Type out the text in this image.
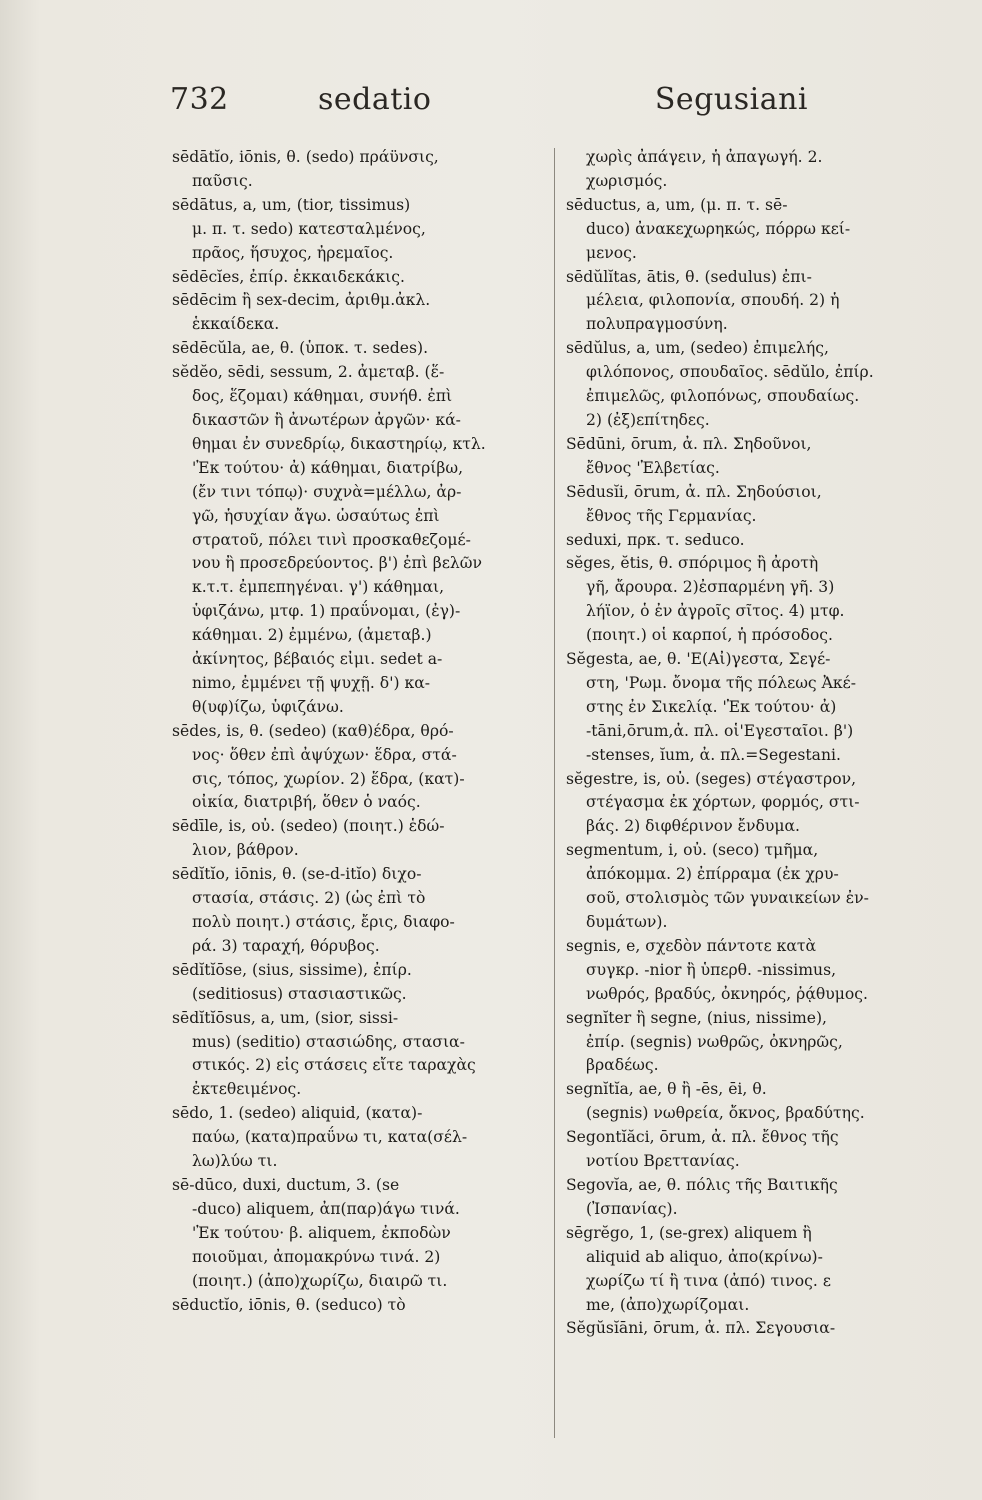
732	sedatio	Segusiani
sēdātĭo, iōnis, θ. (sedo) πράϋνσις,
παῦσις.
sēdātus, a, um, (tior, tissimus)
μ. π. τ. sedo) κατεσταλμένος,
πρᾶος, ἥσυχος, ἠρεμαῖος.
sēdēcĭes, ἐπίρ. ἑκκαιδεκάκις.
sēdēcim ἢ sex-decim, ἀριθμ.ἀκλ.
ἑκκαίδεκα.
sēdēcŭla, ae, θ. (ὑποκ. τ. sedes).
sĕdĕo, sēdi, sessum, 2. ἀμεταβ. (ἕ-
δος, ἕζομαι) κάθημαι, συνήθ. ἐπὶ
δικαστῶν ἢ ἀνωτέρων ἀργῶν· κά-
θημαι ἐν συνεδρίῳ, δικαστηρίῳ, κτλ.
'Ἐκ τούτου· ἀ) κάθημαι, διατρίβω,
(ἔν τινι τόπῳ)· συχνὰ=μέλλω, ἀρ-
γῶ, ἡσυχίαν ἄγω. ὡσαύτως ἐπὶ
στρατοῦ, πόλει τινὶ προσκαθεζομέ-
νου ἢ προσεδρεύοντος. β') ἐπὶ βελῶν
κ.τ.τ. ἐμπεπηγέναι. γ') κάθημαι,
ὑφιζάνω, μτφ. 1) πραΰνομαι, (ἐγ)-
κάθημαι. 2) ἐμμένω, (ἀμεταβ.)
ἀκίνητος, βέβαιός εἰμι. sedet a-
nimo, ἐμμένει τῇ ψυχῇ. δ') κα-
θ(υφ)ίζω, ὑφιζάνω.
sēdes, is, θ. (sedeo) (καθ)έδρα, θρό-
νος· ὅθεν ἐπὶ ἀψύχων· ἕδρα, στά-
σις, τόπος, χωρίον. 2) ἕδρα, (κατ)-
οἰκία, διατριβή, ὅθεν ὁ ναός.
sēdīle, is, οὐ. (sedeo) (ποιητ.) ἑδώ-
λιον, βάθρον.
sēdĭtĭo, iōnis, θ. (se-d-itĭo) διχο-
στασία, στάσις. 2) (ὡς ἐπὶ τὸ
πολὺ ποιητ.) στάσις, ἔρις, διαφο-
ρά. 3) ταραχή, θόρυβος.
sēdĭtĭōse, (sius, sissime), ἐπίρ.
(seditiosus) στασιαστικῶς.
sēdĭtĭōsus, a, um, (sior, sissi-
mus) (seditio) στασιώδης, στασια-
στικός. 2) εἰς στάσεις εἴτε ταραχὰς
ἐκτεθειμένος.
sēdo, 1. (sedeo) aliquid, (κατα)-
παύω, (κατα)πραΰνω τι, κατα(σέλ-
λω)λύω τι.
sē-dūco, duxi, ductum, 3. (se
-duco) aliquem, ἀπ(παρ)άγω τινά.
'Ἐκ τούτου· β. aliquem, ἐκποδὼν
ποιοῦμαι, ἀπομακρύνω τινά. 2)
(ποιητ.) (ἀπο)χωρίζω, διαιρῶ τι.
sēductĭo, iōnis, θ. (seduco) τὸ
χωρὶς ἀπάγειν, ἡ ἀπαγωγή. 2.
χωρισμός.
sēductus, a, um, (μ. π. τ. sē-
duco) ἀνακεχωρηκώς, πόρρω κεί-
μενος.
sēdŭlĭtas, ātis, θ. (sedulus) ἐπι-
μέλεια, φιλοπονία, σπουδή. 2) ἡ
πολυπραγμοσύνη.
sēdŭlus, a, um, (sedeo) ἐπιμελής,
φιλόπονος, σπουδαῖος. sēdŭlo, ἐπίρ.
ἐπιμελῶς, φιλοπόνως, σπουδαίως.
2) (ἐξ)επίτηδες.
Sēdūni, ōrum, ἀ. πλ. Σηδοῦνοι,
ἔθνος 'Ἐλβετίας.
Sēdusĭi, ōrum, ἀ. πλ. Σηδούσιοι,
ἔθνος τῆς Γερμανίας.
seduxi, πρκ. τ. seduco.
sĕges, ĕtis, θ. σπόριμος ἢ ἀροτὴ
γῆ, ἄρουρα. 2)ἐσπαρμένη γῆ. 3)
λήϊον, ὁ ἐν ἀγροῖς σῖτος. 4) μτφ.
(ποιητ.) οἱ καρποί, ἡ πρόσοδος.
Sĕgesta, ae, θ. 'Ε(Αἰ)γεστα, Σεγέ-
στη, 'Ρωμ. ὄνομα τῆς πόλεως Ἀκέ-
στης ἐν Σικελίᾳ. 'Ἐκ τούτου· ἀ)
-tāni,ōrum,ἀ. πλ. οἱ'Εγεσταῖοι. β')
-stenses, ĭum, ἀ. πλ.=Segestani.
sĕgestre, is, οὐ. (seges) στέγαστρον,
στέγασμα ἐκ χόρτων, φορμός, στι-
βάς. 2) διφθέρινον ἔνδυμα.
segmentum, i, οὐ. (seco) τμῆμα,
ἀπόκομμα. 2) ἐπίρραμα (ἐκ χρυ-
σοῦ, στολισμὸς τῶν γυναικείων ἐν-
δυμάτων).
segnis, e, σχεδὸν πάντοτε κατὰ
συγκρ. -nior ἢ ὑπερθ. -nissimus,
νωθρός, βραδύς, ὀκνηρός, ῥᾴθυμος.
segnĭter ἢ segne, (nius, nissime),
ἐπίρ. (segnis) νωθρῶς, ὀκνηρῶς,
βραδέως.
segnĭtĭa, ae, θ ἢ -ēs, ēi, θ.
(segnis) νωθρεία, ὄκνος, βραδύτης.
Segontĭăci, ōrum, ἀ. πλ. ἔθνος τῆς
νοτίου Βρεττανίας.
Segovĭa, ae, θ. πόλις τῆς Βαιτικῆς
(Ἰσπανίας).
sēgrĕgo, 1, (se-grex) aliquem ἢ
aliquid ab aliquo, ἀπο(κρίνω)-
χωρίζω τί ἢ τινα (ἀπό) τινος. ε
me, (ἀπο)χωρίζομαι.
Sĕgŭsĭāni, ōrum, ἀ. πλ. Σεγουσια-
